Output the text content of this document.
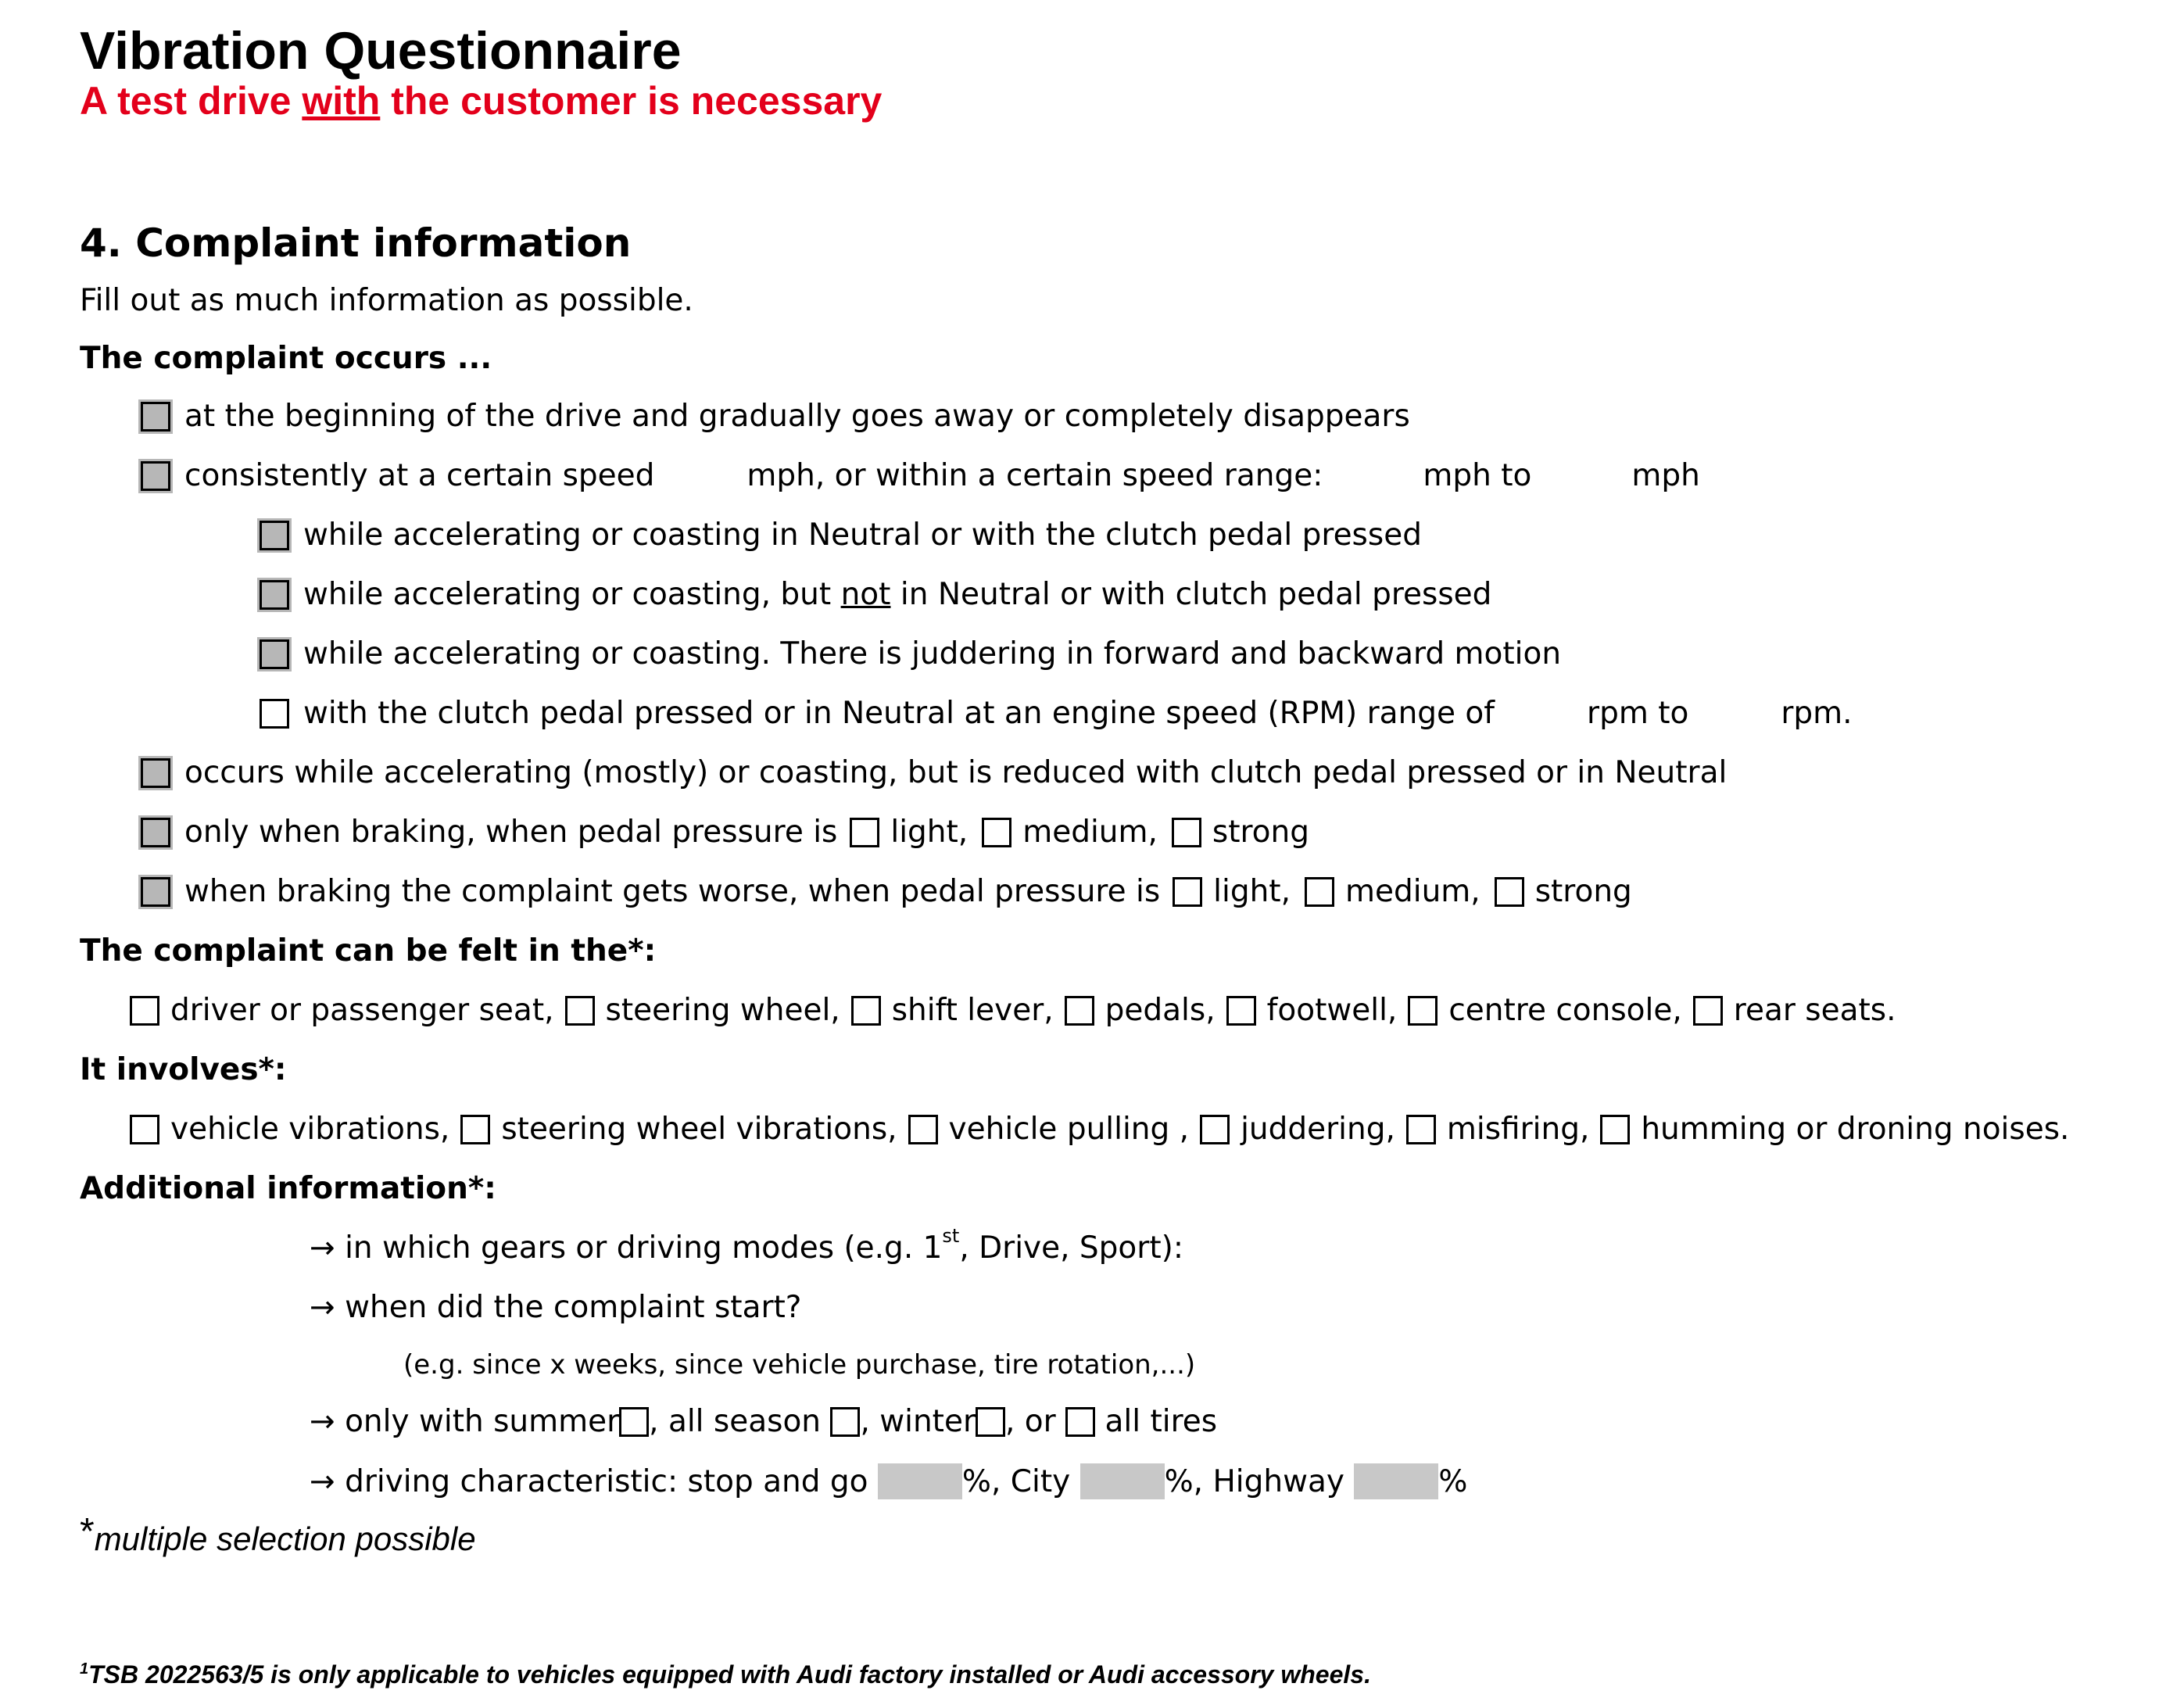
Vibration Questionnaire
A test drive with the customer is necessary
4. Complaint information
Fill out as much information as possible.
The complaint occurs ...
at the beginning of the drive and gradually goes away or completely disappears
consistently at a certain speed	mph, or within a certain speed range:	mph to	mph
while accelerating or coasting in Neutral or with the clutch pedal pressed
while accelerating or coasting, but not in Neutral or with clutch pedal pressed
while accelerating or coasting. There is juddering in forward and backward motion
with the clutch pedal pressed or in Neutral at an engine speed (RPM) range of	rpm to	rpm.
occurs while accelerating (mostly) or coasting, but is reduced with clutch pedal pressed or in Neutral
only when braking, when pedal pressure is light, medium, strong
when braking the complaint gets worse, when pedal pressure is light, medium, strong
The complaint can be felt in the*:
driver or passenger seat, steering wheel, shift lever, pedals, footwell, centre console, rear seats.
It involves*:
vehicle vibrations, steering wheel vibrations, vehicle pulling , juddering, misfiring, humming or droning noises.
Additional information*:
→ in which gears or driving modes (e.g. 1 st , Drive, Sport):
→ when did the complaint start?
(e.g. since x weeks, since vehicle purchase, tire rotation,...)
→ only with summer , all season , winter , or all tires
→ driving characteristic: stop and go	%, City	%, Highway	%
*multiple selection possible
$^1$TSB 2022563/5 is only applicable to vehicles equipped with Audi factory installed or Audi accessory wheels.
